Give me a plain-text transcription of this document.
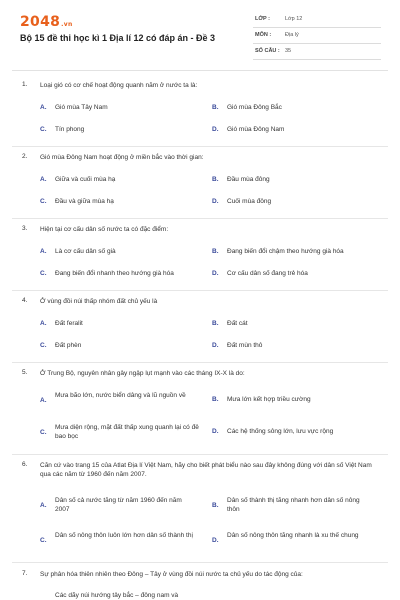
2048.vn
Bộ 15 đề thi học kì 1 Địa lí 12 có đáp án - Đề 3
LỚP :	Lớp 12
MÔN :	Địa lý
SỐ CÂU : 35
1. Loại gió có cơ chế hoạt động quanh năm ở nước ta là:
A. Gió mùa Tây Nam	B. Gió mùa Đông Bắc
C. Tín phong	D. Gió mùa Đông Nam
2. Gió mùa Đông Nam hoạt động ở miền bắc vào thời gian:
A. Giữa và cuối mùa hạ	B. Đầu mùa đông
C. Đầu và giữa mùa hạ	D. Cuối mùa đông
3. Hiện tại cơ cấu dân số nước ta có đặc điểm:
A. Là cơ cấu dân số già	B. Đang biến đổi chậm theo hướng già hóa
C. Đang biến đổi nhanh theo hướng già hóa	D. Cơ cấu dân số đang trẻ hóa
4. Ở vùng đồi núi thấp nhóm đất chủ yếu là
A. Đất feralit	B. Đất cát
C. Đất phèn	D. Đất mùn thô
5. Ở Trung Bộ, nguyên nhân gây ngập lụt mạnh vào các tháng IX-X là do:
A.
Mưa bão lớn, nước biển dâng và lũ nguồn về
B. Mưa lớn kết hợp triều cường
C.
Mưa diện rộng, mặt đất thấp xung quanh lại có đê bao bọc
D. Các hệ thống sông lớn, lưu vực rộng
6. Căn cứ vào trang 15 của Atlat Địa lí Việt Nam, hãy cho biết phát biểu nào sau đây không đúng với dân số Việt Nam qua các năm từ 1960 đến năm 2007.
A.
Dân số cả nước tăng từ năm 1960 đến năm 2007
B.
Dân số thành thị tăng nhanh hơn dân số nông thôn
C.
Dân số nông thôn luôn lớn hơn dân số thành thị
D.
Dân số nông thôn tăng nhanh là xu thế chung
7. Sự phân hóa thiên nhiên theo Đông – Tây ở vùng đồi núi nước ta chủ yếu do tác động của:
Các dãy núi hướng tây bắc – đông nam và
